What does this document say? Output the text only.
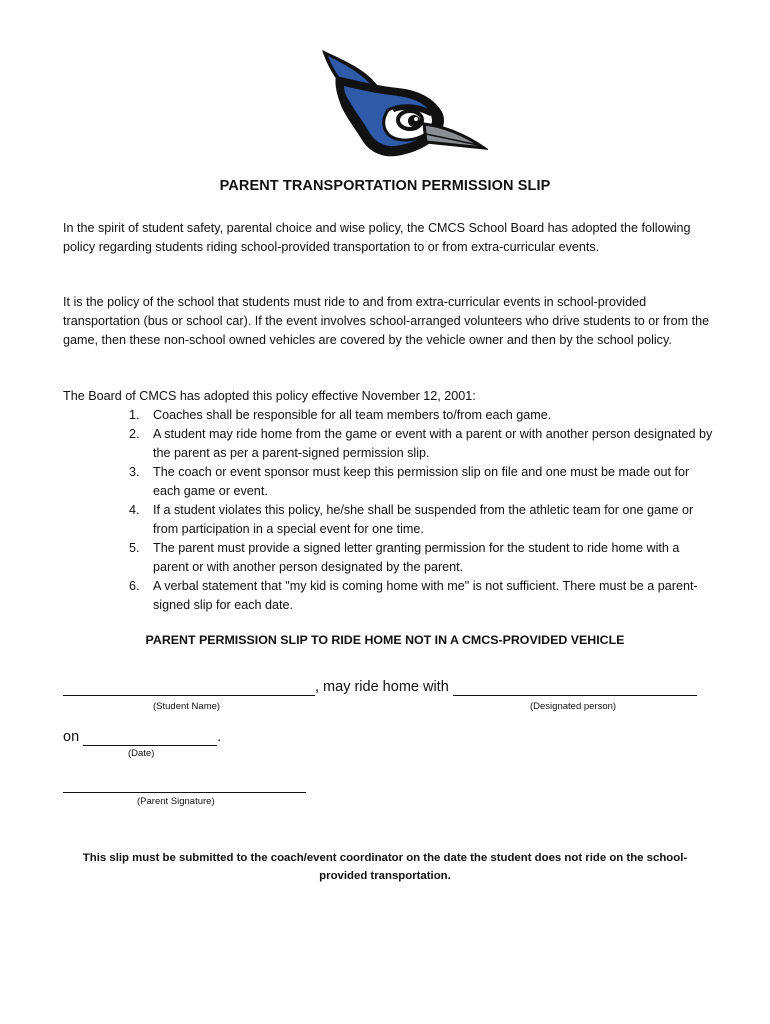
PARENT TRANSPORTATION PERMISSION SLIP

In the spirit of student safety, parental choice and wise policy, the CMCS School Board has adopted the following policy regarding students riding school-provided transportation to or from extra-curricular events.

It is the policy of the school that students must ride to and from extra-curricular events in school-provided transportation (bus or school car). If the event involves school-arranged volunteers who drive students to or from the game, then these non-school owned vehicles are covered by the vehicle owner and then by the school policy.

The Board of CMCS has adopted this policy effective November 12, 2001:

1. Coaches shall be responsible for all team members to/from each game.
2. A student may ride home from the game or event with a parent or with another person designated by the parent as per a parent-signed permission slip.
3. The coach or event sponsor must keep this permission slip on file and one must be made out for each game or event.
4. If a student violates this policy, he/she shall be suspended from the athletic team for one game or from participation in a special event for one time.
5. The parent must provide a signed letter granting permission for the student to ride home with a parent or with another person designated by the parent.
6. A verbal statement that "my kid is coming home with me" is not sufficient. There must be a parent-signed slip for each date.
PARENT PERMISSION SLIP TO RIDE HOME NOT IN A CMCS-PROVIDED VEHICLE
, may ride home with
(Student Name)	(Designated person)
on	.
(Date)

(Parent Signature)
This slip must be submitted to the coach/event coordinator on the date the student does not ride on the school-provided transportation.
